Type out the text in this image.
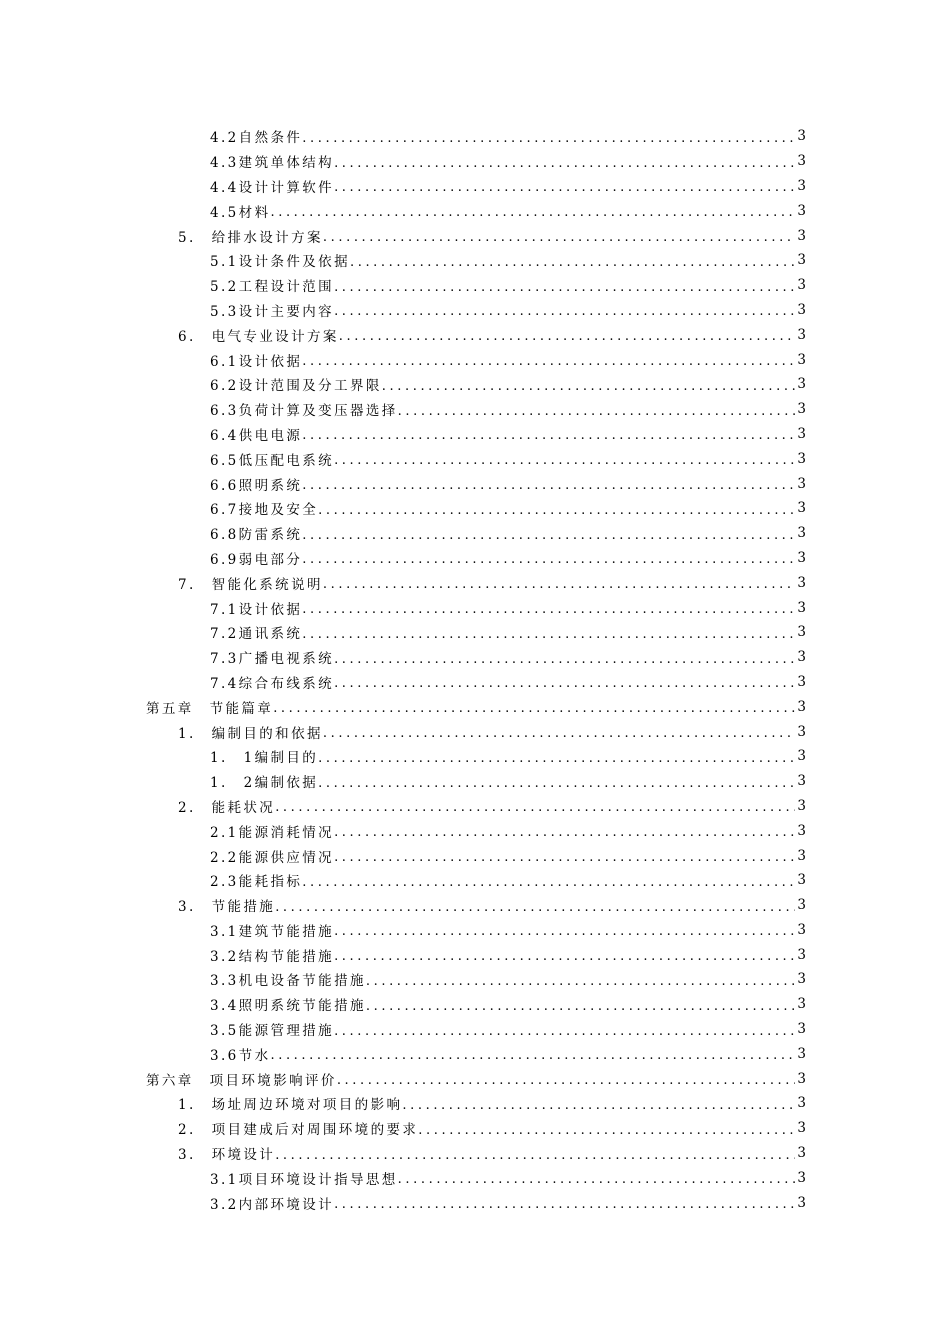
4.2自然条件 .....	3
4.3建筑单体结构 .....	3
4.4设计计算软件 .....	3
4.5材料 .....	3
5.　给排水设计方案 .....	3
5.1设计条件及依据 .....	3
5.2工程设计范围 .....	3
5.3设计主要内容 .....	3
6.　电气专业设计方案 .....	3
6.1设计依据 .....	3
6.2设计范围及分工界限 .....	3
6.3负荷计算及变压器选择 .....	3
6.4供电电源 .....	3
6.5低压配电系统 .....	3
6.6照明系统 .....	3
6.7接地及安全 .....	3
6.8防雷系统 .....	3
6.9弱电部分 .....	3
7.　智能化系统说明 .....	3
7.1设计依据 .....	3
7.2通讯系统 .....	3
7.3广播电视系统 .....	3
7.4综合布线系统 .....	3
第五章　节能篇章 .....	3
1.　编制目的和依据 .....	3
1.　1编制目的 .....	3
1.　2编制依据 .....	3
2.　能耗状况 .....	3
2.1能源消耗情况 .....	3
2.2能源供应情况 .....	3
2.3能耗指标 .....	3
3.　节能措施 .....	3
3.1建筑节能措施 .....	3
3.2结构节能措施 .....	3
3.3机电设备节能措施 .....	3
3.4照明系统节能措施 .....	3
3.5能源管理措施 .....	3
3.6节水 .....	3
第六章　项目环境影响评价 .....	3
1.　场址周边环境对项目的影响 .....	3
2.　项目建成后对周围环境的要求 .....	3
3.　环境设计 .....	3
3.1项目环境设计指导思想 .....	3
3.2内部环境设计 .....	3
